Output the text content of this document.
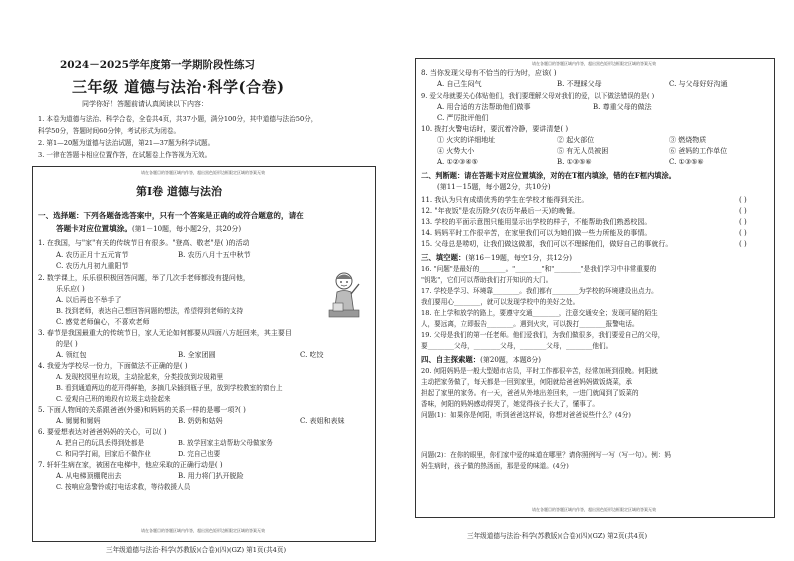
2024－2025学年度第一学期阶段性练习
三年级 道德与法治·科学(合卷)
同学你好！答题前请认真阅读以下内容：
1. 本卷为道德与法治、科学合卷，全卷共4页，共37小题，满分100分，其中道德与法治50分，
科学50分，答题时间60分钟，考试形式为闭卷。
2. 第1—20题为道德与法治试题，第21—37题为科学试题。
3. 一律在答题卡相应位置作答，在试题卷上作答视为无效。
请在各题目的答题区域内作答，超出黑色矩形边框限定区域的答案无效
第Ⅰ卷 道德与法治
一、选择题：下列各题备选答案中，只有一个答案是正确的或符合题意的，请在
答题卡对应位置填涂。(第1－10题，每小题2分，共20分)
1. 在我国，与"家"有关的传统节日有很多。"登高、敬老"是( )的活动
A. 农历正月十五元宵节	B. 农历八月十五中秋节
C. 农历九月初九重阳节
2. 数学课上，乐乐很积极回答问题，举了几次手老师都没有提问他，
乐乐应( )
A. 以后再也不举手了
B. 找到老师，表达自己想回答问题的想法，希望得到老师的支持
C. 感觉老师偏心，不喜欢老师
3. 春节是我国最重大的传统节日，家人无论如何都要从四面八方赶回来，其主要目
的是( )
A. 领红包	B. 全家团圆	C. 吃饺
4. 我爱为学校尽一份力，下面做法不正确的是( )
A. 发现校园里有垃圾，主动捡起来，分类投放到垃圾箱里
B. 看到通道两边的花开得鲜艳，多摘几朵插到瓶子里，放到学校教室的窗台上
C. 爱观自己班的地段有垃圾主动捡起来
5. 下面人物间的关系跟爸爸(外婆)和妈妈的关系一样的是哪一项?( )
A. 舅舅和舅妈	B. 奶奶和姑妈	C. 表姐和表妹
6. 要爱想表达对爸爸妈妈的关心，可以( )
A. 把自己的玩具丢得到处都是	B. 放学回家主动帮助父母做家务
C. 和同学打闹，回家后不做作业	D. 完自己也要
7. 轩轩生病在家，被困在电梯中，他应采取的正确行动是( )
A. 从电梯顶棚爬出去	B. 用力将门扒开脱险
C. 按响应急警铃或打电话求救，等待救援人员
请在各题目的答题区域内作答，超出黑色矩形边框限定区域的答案无效
三年级道德与法治·科学(苏教版)(合卷)(四)(GZ) 第1页(共4页)
请在各题目的答题区域内作答，超出黑色矩形边框限定区域的答案无效
8. 当你发现父母有不恰当的行为时，应该( )
A. 自己生闷气	B. 不理睬父母	C. 与父母好好沟通
9. 爱父母就要关心体贴他们，我们要理解父母对我们的爱，以下做法错误的是( )
A. 用合适的方法帮助他们做事	B. 尊重父母的做法
C. 严厉批评他们
10. 拨打火警电话时，要沉着冷静，要讲清楚( )
① 火灾的详细地址	② 起火部位	③ 燃烧物质
④ 火势大小	⑤ 有无人员被困	⑥ 爸妈的工作单位
A. ①②③④⑤	B. ①③⑤⑥	C. ①③⑤⑥
二、判断题：请在答题卡对应位置填涂，对的在T框内填涂，错的在F框内填涂。
(第11－15题，每小题2分，共10分)
11. 我认为只有成绩优秀的学生在学校才能得到关注。	( )
12. "年夜饭"是农历除夕(农历年最后一天)的晚餐。	( )
13. 学校的平面示意图只能用显示出学校的样子，不能帮助我们熟悉校园。	( )
14. 妈妈平时工作很辛苦，在家里我们可以为她们做一些力所能及的事情。	( )
15. 父母总是唠叨，让我们做这做那，我们可以不理睬他们，做好自己的事就行。	( )
三、填空题：(第16－19题，每空1分，共12分)
16. "问题"是最好的________。"________"和"________"是我们学习中非常重要的
"钥匙"，它们可以帮助我们打开知识的大门。
17. 学校是学习、环境靠________。我们都有________为学校的环境建设出点力。
我们要用心________，就可以发现学校中的美好之处。
18. 在上学和放学的路上，要遵守交通________，注意交通安全；发现可疑的陌生
人，要远离，立即报告________。遇到火灾，可以拨打________报警电话。
19. 父母是我们的第一任老师。他们爱我们，为我们做很多，我们要爱自己的父母，
要________父母，________父母，________父母，________他们。
四、自主探索题：(第20题，本题8分)
20. 何阳妈妈是一般大型超市店员，平时工作都很辛苦，经常加班到很晚。何阳就
主动把家务做了，每天都是一回到家里，何阳就给爸爸妈妈做饭烧菜，承
担起了家里的家务。有一天，爸爸从外地出差回来，一进门就闻到了饭菜的
香味，何阳的妈妈感动得哭了，她觉得孩子长大了，懂事了。
问题(1)：如果你是何阳，听到爸爸这样说，你想对爸爸说些什么？(4分)
问题(2)：在你的眼里，你们家中爱的味道在哪里？请你照例写一写（写一句）。例：妈
妈生病时，孩子做的热汤面，那是爱的味道。(4分)
请在各题目的答题区域内作答，超出黑色矩形边框限定区域的答案无效
三年级道德与法治·科学(苏教版)(合卷)(四)(GZ) 第2页(共4页)
